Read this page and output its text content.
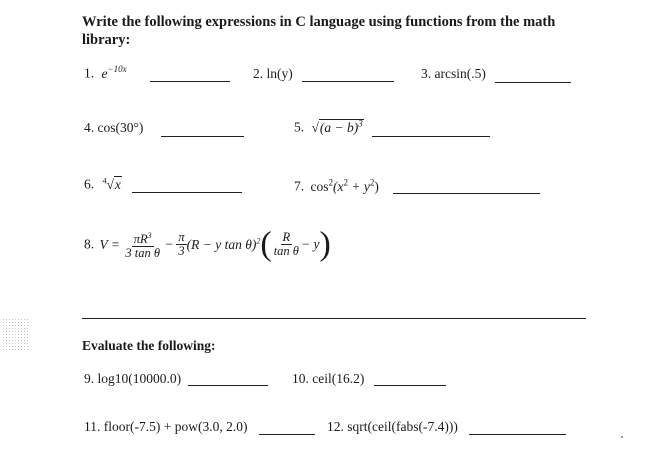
Write the following expressions in C language using functions from the math library:
1. $e^{-10x}$	2. ln(y)	3. arcsin(.5)
4. cos(30°)	5. $√(a - b)^3$
6. $^4$√x	7. $\cos^2(x^2 + y^2)$
8. $V = \frac{\pi R^3}{\text{3 tan θ}} - \frac{\pi}{3} (R - y$ $\tan \theta)^2( \frac{R}{\text{tan θ}} - y)$
Evaluate the following:
9. log10(10000.0)	10. ceil(16.2)
11. floor(-7.5) + pow(3.0, 2.0)	12. sqrt(ceil(fabs(-7.4)))
